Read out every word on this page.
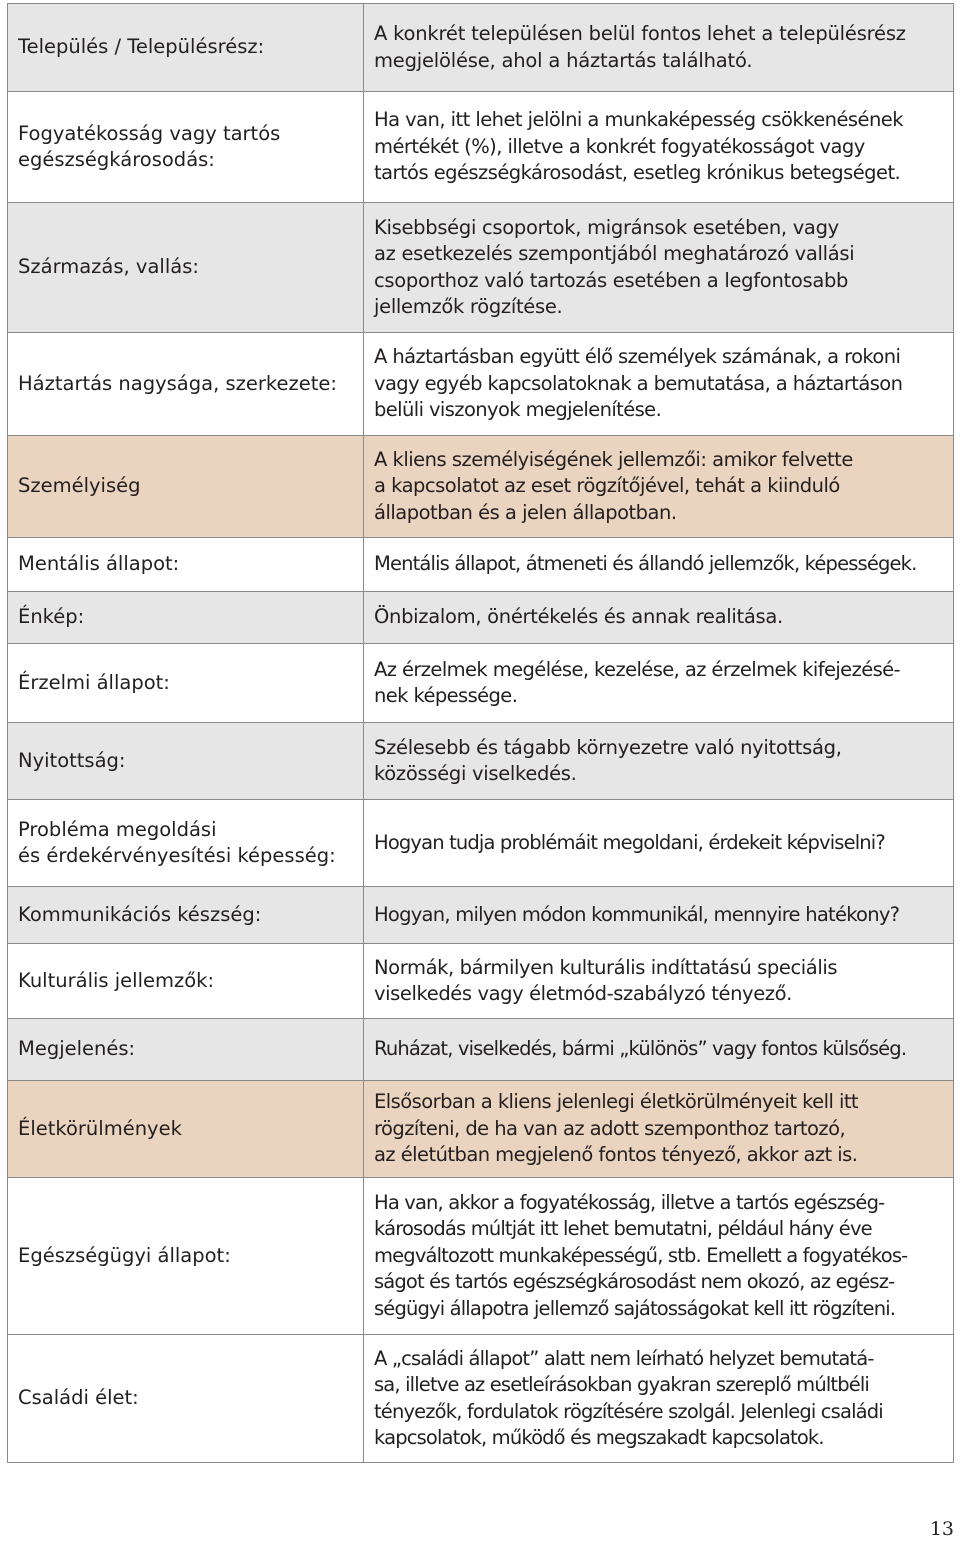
Település / Településrész:	A konkrét településen belül fontos lehet a településrész
megjelölése, ahol a háztartás található.

Fogyatékosság vagy tartós
egészségkárosodás:	Ha van, itt lehet jelölni a munkaképesség csökkenésének
mértékét (%), illetve a konkrét fogyatékosságot vagy
tartós egészségkárosodást, esetleg krónikus betegséget.

Származás, vallás:	Kisebbségi csoportok, migránsok esetében, vagy
az esetkezelés szempontjából meghatározó vallási
csoporthoz való tartozás esetében a legfontosabb
jellemzők rögzítése.

Háztartás nagysága, szerkezete:	A háztartásban együtt élő személyek számának, a rokoni
vagy egyéb kapcsolatoknak a bemutatása, a háztartáson
belüli viszonyok megjelenítése.

Személyiség	A kliens személyiségének jellemzői: amikor felvette
a kapcsolatot az eset rögzítőjével, tehát a kiinduló
állapotban és a jelen állapotban.

Mentális állapot:	Mentális állapot, átmeneti és állandó jellemzők, képességek.

Énkép:	Önbizalom, önértékelés és annak realitása.

Érzelmi állapot:	Az érzelmek megélése, kezelése, az érzelmek kifejezésé-
nek képessége.

Nyitottság:	Szélesebb és tágabb környezetre való nyitottság,
közösségi viselkedés.

Probléma megoldási
és érdekérvényesítési képesség:	Hogyan tudja problémáit megoldani, érdekeit képviselni?

Kommunikációs készség:	Hogyan, milyen módon kommunikál, mennyire hatékony?

Kulturális jellemzők:	Normák, bármilyen kulturális indíttatású speciális
viselkedés vagy életmód-szabályzó tényező.

Megjelenés:	Ruházat, viselkedés, bármi „különös” vagy fontos külsőség.

Életkörülmények	Elsősorban a kliens jelenlegi életkörülményeit kell itt
rögzíteni, de ha van az adott szemponthoz tartozó,
az életútban megjelenő fontos tényező, akkor azt is.

Egészségügyi állapot:	Ha van, akkor a fogyatékosság, illetve a tartós egészség-
károsodás múltját itt lehet bemutatni, például hány éve
megváltozott munkaképességű, stb. Emellett a fogyatékos-
ságot és tartós egészségkárosodást nem okozó, az egész-
ségügyi állapotra jellemző sajátosságokat kell itt rögzíteni.

Családi élet:	A „családi állapot” alatt nem leírható helyzet bemutatá-
sa, illetve az esetleírásokban gyakran szereplő múltbéli
tényezők, fordulatok rögzítésére szolgál. Jelenlegi családi
kapcsolatok, működő és megszakadt kapcsolatok.
13
